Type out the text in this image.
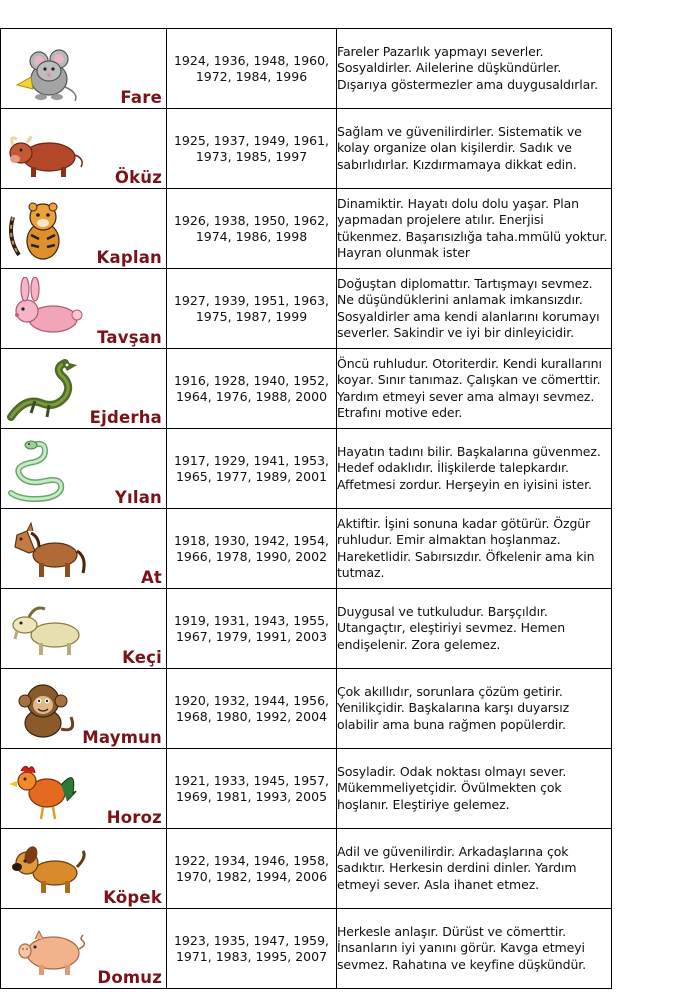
Fare	1924, 1936, 1948, 1960, 1972, 1984, 1996	Fareler Pazarlık yapmayı severler. Sosyaldirler. Ailelerine düşkündürler. Dışarıya göstermezler ama duygusaldırlar.

Öküz	1925, 1937, 1949, 1961, 1973, 1985, 1997	Sağlam ve güvenilirdirler. Sistematik ve kolay organize olan kişilerdir. Sadık ve sabırlıdırlar. Kızdırmamaya dikkat edin.

Kaplan	1926, 1938, 1950, 1962, 1974, 1986, 1998	Dinamiktir. Hayatı dolu dolu yaşar. Plan yapmadan projelere atılır. Enerjisi tükenmez. Başarısızlığa taha.mmülü yoktur. Hayran olunmak ister

Tavşan	1927, 1939, 1951, 1963, 1975, 1987, 1999	Doğuştan diplomattır. Tartışmayı sevmez. Ne düşündüklerini anlamak imkansızdır. Sosyaldirler ama kendi alanlarını korumayı severler. Sakindir ve iyi bir dinleyicidir.

Ejderha	1916, 1928, 1940, 1952, 1964, 1976, 1988, 2000	Öncü ruhludur. Otoriterdir. Kendi kurallarını koyar. Sınır tanımaz. Çalışkan ve cömerttir. Yardım etmeyi sever ama almayı sevmez. Etrafını motive eder.

Yılan	1917, 1929, 1941, 1953, 1965, 1977, 1989, 2001	Hayatın tadını bilir. Başkalarına güvenmez. Hedef odaklıdır. İlişkilerde talepkardır. Affetmesi zordur. Herşeyin en iyisini ister.

At	1918, 1930, 1942, 1954, 1966, 1978, 1990, 2002	Aktiftir. İşini sonuna kadar götürür. Özgür ruhludur. Emir almaktan hoşlanmaz. Hareketlidir. Sabırsızdır. Öfkelenir ama kin tutmaz.

Keçi	1919, 1931, 1943, 1955, 1967, 1979, 1991, 2003	Duygusal ve tutkuludur. Barşçıldır. Utangaçtır, eleştiriyi sevmez. Hemen endişelenir. Zora gelemez.

Maymun	1920, 1932, 1944, 1956, 1968, 1980, 1992, 2004	Çok akıllıdır, sorunlara çözüm getirir. Yenilikçidir. Başkalarına karşı duyarsız olabilir ama buna rağmen popülerdir.

Horoz	1921, 1933, 1945, 1957, 1969, 1981, 1993, 2005	Sosyladir. Odak noktası olmayı sever. Mükemmeliyetçidir. Övülmekten çok hoşlanır. Eleştiriye gelemez.

Köpek	1922, 1934, 1946, 1958, 1970, 1982, 1994, 2006	Adil ve güvenilirdir. Arkadaşlarına çok sadıktır. Herkesin derdini dinler. Yardım etmeyi sever. Asla ihanet etmez.

Domuz	1923, 1935, 1947, 1959, 1971, 1983, 1995, 2007	Herkesle anlaşır. Dürüst ve cömerttir. İnsanların iyi yanını görür. Kavga etmeyi sevmez. Rahatına ve keyfine düşkündür.
